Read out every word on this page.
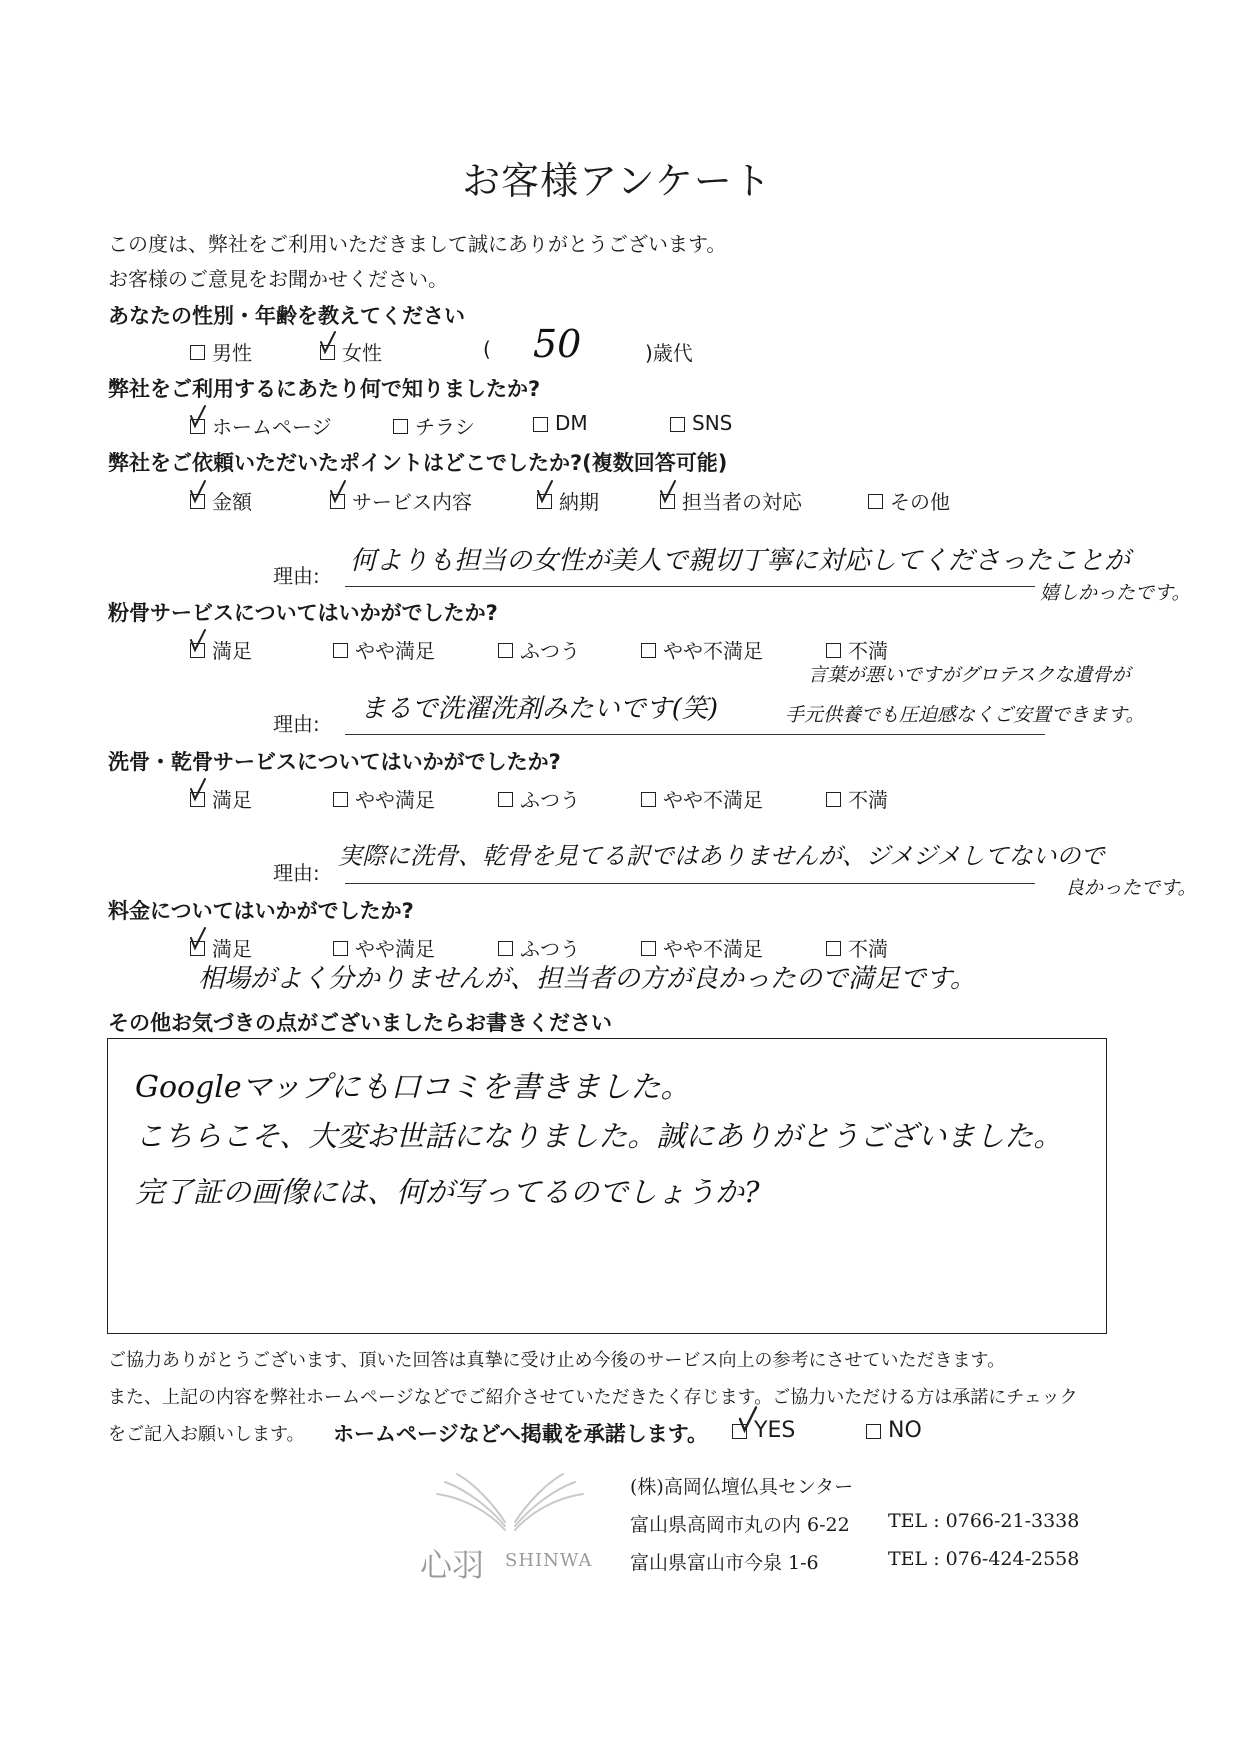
お客様アンケート
この度は、弊社をご利用いただきまして誠にありがとうございます。
お客様のご意見をお聞かせください。
あなたの性別・年齢を教えてください
男性	女性	( 50	)歳代
弊社をご利用するにあたり何で知りましたか?
ホームページ	チラシ	DM	SNS
弊社をご依頼いただいたポイントはどこでしたか?(複数回答可能)
金額	サービス内容	納期	担当者の対応	その他
理由: 何よりも担当の女性が美人で親切丁寧に対応してくださったことが
嬉しかったです。
粉骨サービスについてはいかがでしたか?
満足	やや満足	ふつう	やや不満足	不満
理由: まるで洗濯洗剤みたいです(笑)
言葉が悪いですがグロテスクな遺骨が
手元供養でも圧迫感なくご安置できます。
洗骨・乾骨サービスについてはいかがでしたか?
満足	やや満足	ふつう	やや不満足	不満
理由:
実際に洗骨、乾骨を見てる訳ではありませんが、ジメジメしてないので
良かったです。
料金についてはいかがでしたか?
満足	やや満足	ふつう	やや不満足	不満
相場がよく分かりませんが、担当者の方が良かったので満足です。
その他お気づきの点がございましたらお書きください
Googleマップにも口コミを書きました。
こちらこそ、大変お世話になりました。誠にありがとうございました。
完了証の画像には、何が写ってるのでしょうか?
ご協力ありがとうございます、頂いた回答は真摯に受け止め今後のサービス向上の参考にさせていただきます。
また、上記の内容を弊社ホームページなどでご紹介させていただきたく存じます。ご協力いただける方は承諾にチェック
をご記入お願いします。 ホームページなどへ掲載を承諾します。 YES	NO
心羽 SHINWA
(株)高岡仏壇仏具センター
富山県高岡市丸の内 6-22 TEL : 0766-21-3338
富山県富山市今泉 1-6	TEL : 076-424-2558
